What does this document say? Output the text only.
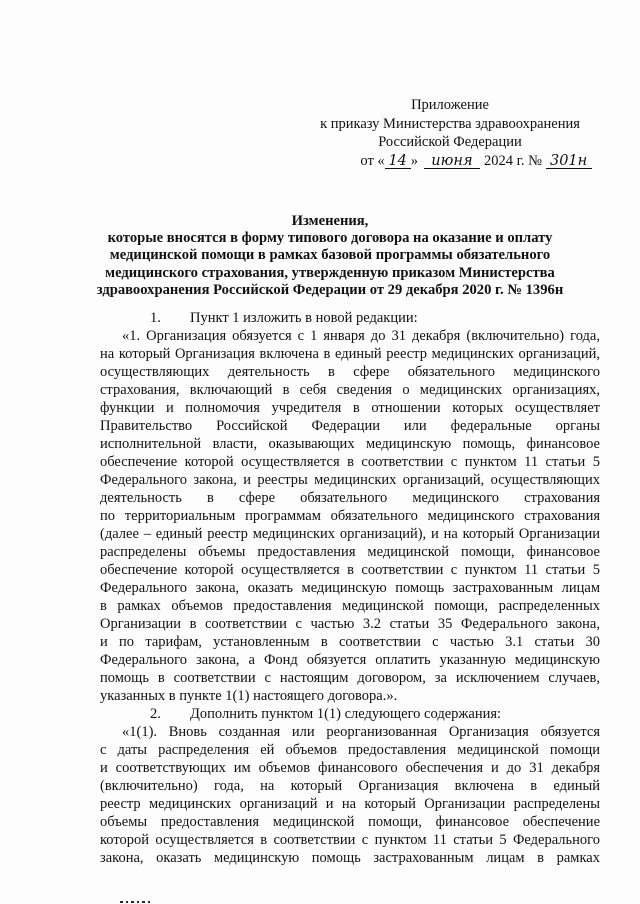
Приложение
к приказу Министерства здравоохранения
Российской Федерации
от « 14 » июня 2024 г. № 301н
Изменения,
которые вносятся в форму типового договора на оказание и оплату
медицинской помощи в рамках базовой программы обязательного
медицинского страхования, утвержденную приказом Министерства
здравоохранения Российской Федерации от 29 декабря 2020 г. № 1396н
1. Пункт 1 изложить в новой редакции:
«1. Организация обязуется с 1 января до 31 декабря (включительно) года,
на который Организация включена в единый реестр медицинских организаций,
осуществляющих деятельность в сфере обязательного медицинского
страхования, включающий в себя сведения о медицинских организациях,
функции и полномочия учредителя в отношении которых осуществляет
Правительство Российской Федерации или федеральные органы
исполнительной власти, оказывающих медицинскую помощь, финансовое
обеспечение которой осуществляется в соответствии с пунктом 11 статьи 5
Федерального закона, и реестры медицинских организаций, осуществляющих
деятельность в сфере обязательного медицинского страхования
по территориальным программам обязательного медицинского страхования
(далее – единый реестр медицинских организаций), и на который Организации
распределены объемы предоставления медицинской помощи, финансовое
обеспечение которой осуществляется в соответствии с пунктом 11 статьи 5
Федерального закона, оказать медицинскую помощь застрахованным лицам
в рамках объемов предоставления медицинской помощи, распределенных
Организации в соответствии с частью 3.2 статьи 35 Федерального закона,
и по тарифам, установленным в соответствии с частью 3.1 статьи 30
Федерального закона, а Фонд обязуется оплатить указанную медицинскую
помощь в соответствии с настоящим договором, за исключением случаев,
указанных в пункте 1(1) настоящего договора.».
2. Дополнить пунктом 1(1) следующего содержания:
«1(1). Вновь созданная или реорганизованная Организация обязуется
с даты распределения ей объемов предоставления медицинской помощи
и соответствующих им объемов финансового обеспечения и до 31 декабря
(включительно) года, на который Организация включена в единый
реестр медицинских организаций и на который Организации распределены
объемы предоставления медицинской помощи, финансовое обеспечение
которой осуществляется в соответствии с пунктом 11 статьи 5 Федерального
закона, оказать медицинскую помощь застрахованным лицам в рамках
